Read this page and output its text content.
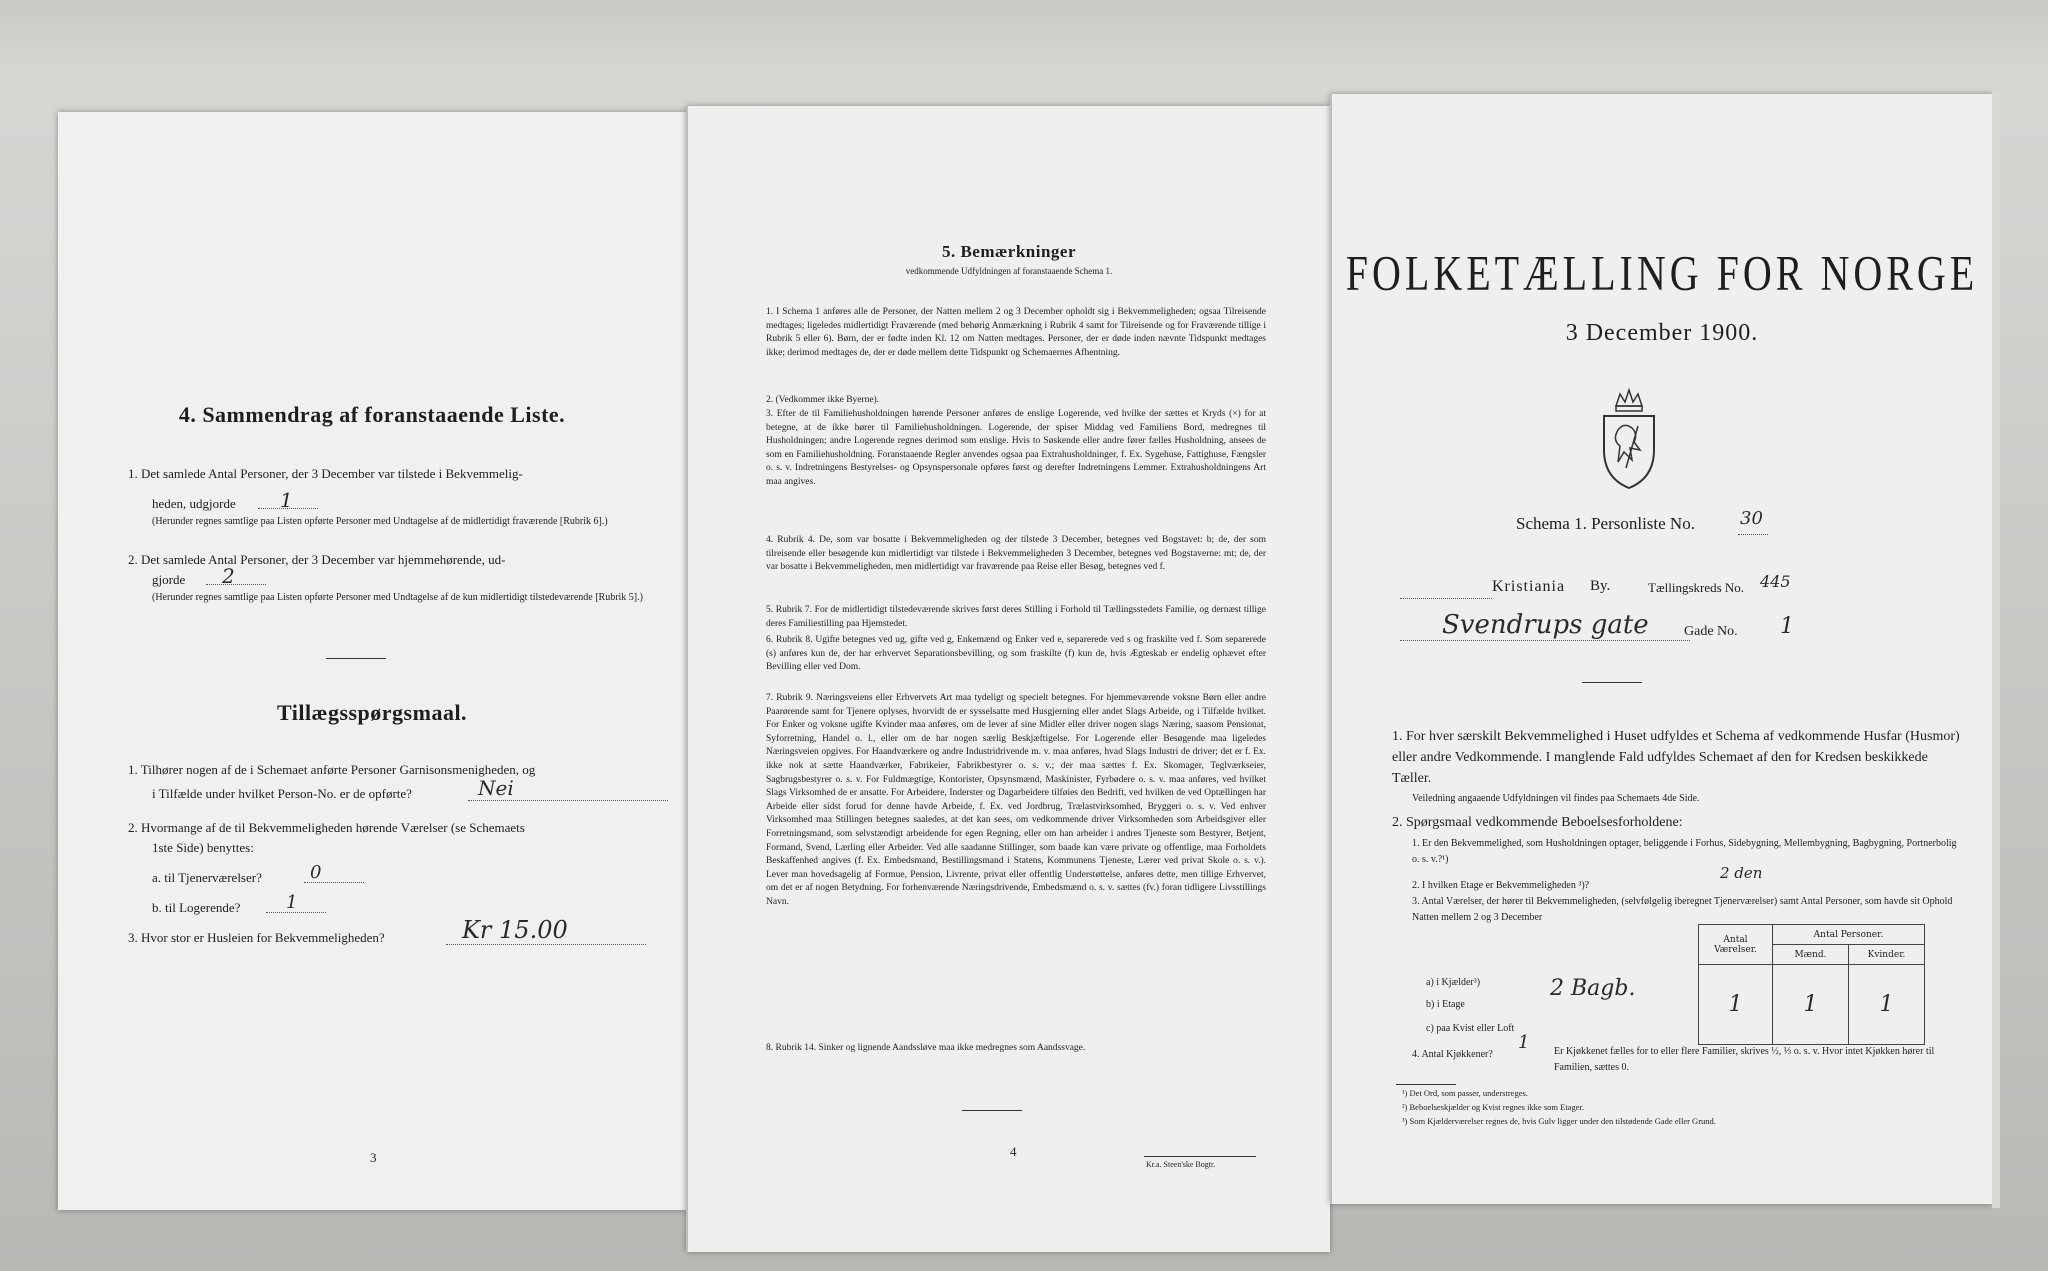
4. Sammendrag af foranstaaende Liste.
1. Det samlede Antal Personer, der 3 December var tilstede i Bekvemmelig-
heden, udgjorde 1
(Herunder regnes samtlige paa Listen opførte Personer med Undtagelse af de midlertidigt fraværende [Rubrik 6].)
2. Det samlede Antal Personer, der 3 December var hjemmehørende, ud-
gjorde 2
(Herunder regnes samtlige paa Listen opførte Personer med Undtagelse af de kun midlertidigt tilstedeværende [Rubrik 5].)
Tillægsspørgsmaal.
1. Tilhører nogen af de i Schemaet anførte Personer Garnisonsmenigheden, og
i Tilfælde under hvilket Person-No. er de opførte?	Nei
2. Hvormange af de til Bekvemmeligheden hørende Værelser (se Schemaets
1ste Side) benyttes:
a. til Tjenerværelser?	0
b. til Logerende?	1
3. Hvor stor er Husleien for Bekvemmeligheden?	Kr 15.00
3
5. Bemærkninger
vedkommende Udfyldningen af foranstaaende Schema 1.
1. I Schema 1 anføres alle de Personer, der Natten mellem 2 og 3 December opholdt sig i Bekvemmeligheden; ogsaa Tilreisende medtages; ligeledes midlertidigt Fraværende (med behørig Anmærkning i Rubrik 4 samt for Tilreisende og for Fraværende tillige i Rubrik 5 eller 6). Børn, der er fødte inden Kl. 12 om Natten medtages. Personer, der er døde inden nævnte Tidspunkt medtages ikke; derimod medtages de, der er døde mellem dette Tidspunkt og Schemaernes Afhentning.
2. (Vedkommer ikke Byerne).
3. Efter de til Familiehusholdningen hørende Personer anføres de enslige Logerende, ved hvilke der sættes et Kryds (×) for at betegne, at de ikke hører til Familiehusholdningen. Logerende, der spiser Middag ved Familiens Bord, medregnes til Husholdningen; andre Logerende regnes derimod som enslige. Hvis to Søskende eller andre fører fælles Husholdning, ansees de som en Familiehusholdning. Foranstaaende Regler anvendes ogsaa paa Extrahusholdninger, f. Ex. Sygehuse, Fattighuse, Fængsler o. s. v. Indretningens Bestyrelses- og Opsynspersonale opføres først og derefter Indretningens Lemmer. Extrahusholdningens Art maa angives.
4. Rubrik 4. De, som var bosatte i Bekvemmeligheden og der tilstede 3 December, betegnes ved Bogstavet: b; de, der som tilreisende eller besøgende kun midlertidigt var tilstede i Bekvemmeligheden 3 December, betegnes ved Bogstaverne: mt; de, der var bosatte i Bekvemmeligheden, men midlertidigt var fraværende paa Reise eller Besøg, betegnes ved f.
5. Rubrik 7. For de midlertidigt tilstedeværende skrives først deres Stilling i Forhold til Tællingsstedets Familie, og dernæst tillige deres Familiestilling paa Hjemstedet.
6. Rubrik 8. Ugifte betegnes ved ug, gifte ved g, Enkemænd og Enker ved e, separerede ved s og fraskilte ved f. Som separerede (s) anføres kun de, der har erhvervet Separationsbevilling, og som fraskilte (f) kun de, hvis Ægteskab er endelig ophævet efter Bevilling eller ved Dom.
7. Rubrik 9. Næringsveiens eller Erhvervets Art maa tydeligt og specielt betegnes. For hjemmeværende voksne Børn eller andre Paarørende samt for Tjenere oplyses, hvorvidt de er sysselsatte med Husgjerning eller andet Slags Arbeide, og i Tilfælde hvilket. For Enker og voksne ugifte Kvinder maa anføres, om de lever af sine Midler eller driver nogen slags Næring, saasom Pensionat, Syforretning, Handel o. l., eller om de har nogen særlig Beskjæftigelse. For Logerende eller Besøgende maa ligeledes Næringsveien opgives. For Haandværkere og andre Industridrivende m. v. maa anføres, hvad Slags Industri de driver; det er f. Ex. ikke nok at sætte Haandværker, Fabrikeier, Fabrikbestyrer o. s. v.; der maa sættes f. Ex. Skomager, Teglværkseier, Sagbrugsbestyrer o. s. v. For Fuldmægtige, Kontorister, Opsynsmænd, Maskinister, Fyrbødere o. s. v. maa anføres, ved hvilket Slags Virksomhed de er ansatte. For Arbeidere, Inderster og Dagarbeidere tilføies den Bedrift, ved hvilken de ved Optællingen har Arbeide eller sidst forud for denne havde Arbeide, f. Ex. ved Jordbrug, Trælastvirksomhed, Bryggeri o. s. v. Ved enhver Virksomhed maa Stillingen betegnes saaledes, at det kan sees, om vedkommende driver Virksomheden som Arbeidsgiver eller Forretningsmand, som selvstændigt arbeidende for egen Regning, eller om han arbeider i andres Tjeneste som Bestyrer, Betjent, Formand, Svend, Lærling eller Arbeider. Ved alle saadanne Stillinger, som baade kan være private og offentlige, maa Forholdets Beskaffenhed angives (f. Ex. Embedsmand, Bestillingsmand i Statens, Kommunens Tjeneste, Lærer ved privat Skole o. s. v.). Lever man hovedsagelig af Formue, Pension, Livrente, privat eller offentlig Understøttelse, anføres dette, men tillige Erhvervet, om det er af nogen Betydning. For forhenværende Næringsdrivende, Embedsmænd o. s. v. sættes (fv.) foran tidligere Livsstillings Navn.
8. Rubrik 14. Sinker og lignende Aandssløve maa ikke medregnes som Aandssvage.
4
Kr.a. Steen'ske Bogtr.
FOLKETÆLLING FOR NORGE
3 December 1900.
Schema 1. Personliste No.	30
Kristiania By.	Tællingskreds No. 445
Svendrups gate	Gade No. 1
1. For hver særskilt Bekvemmelighed i Huset udfyldes et Schema af vedkommende Husfar (Husmor) eller andre Vedkommende. I manglende Fald udfyldes Schemaet af den for Kredsen beskikkede Tæller.
Veiledning angaaende Udfyldningen vil findes paa Schemaets 4de Side.
2. Spørgsmaal vedkommende Beboelsesforholdene:
1. Er den Bekvemmelighed, som Husholdningen optager, beliggende i Forhus, Sidebygning, Mellembygning, Bagbygning, Portnerbolig o. s. v.?¹)
2. I hvilken Etage er Bekvemmeligheden ³)?
2 den
3. Antal Værelser, der hører til Bekvemmeligheden, (selvfølgelig iberegnet Tjenerværelser) samt Antal Personer, som havde sit Ophold Natten mellem 2 og 3 December
Antal Værelser.	Antal Personer.	
	Mænd.	Kvinder.
1	1	1
a) i Kjælder³)
b) i Etage
2 Bagb.
c) paa Kvist eller Loft
4. Antal Kjøkkener?
1 Er Kjøkkenet fælles for to eller flere Familier, skrives ½, ⅓ o. s. v. Hvor intet Kjøkken hører til Familien, sættes 0.
¹) Det Ord, som passer, understreges.
²) Beboelseskjælder og Kvist regnes ikke som Etager.
³) Som Kjælderværelser regnes de, hvis Gulv ligger under den tilstødende Gade eller Grund.
